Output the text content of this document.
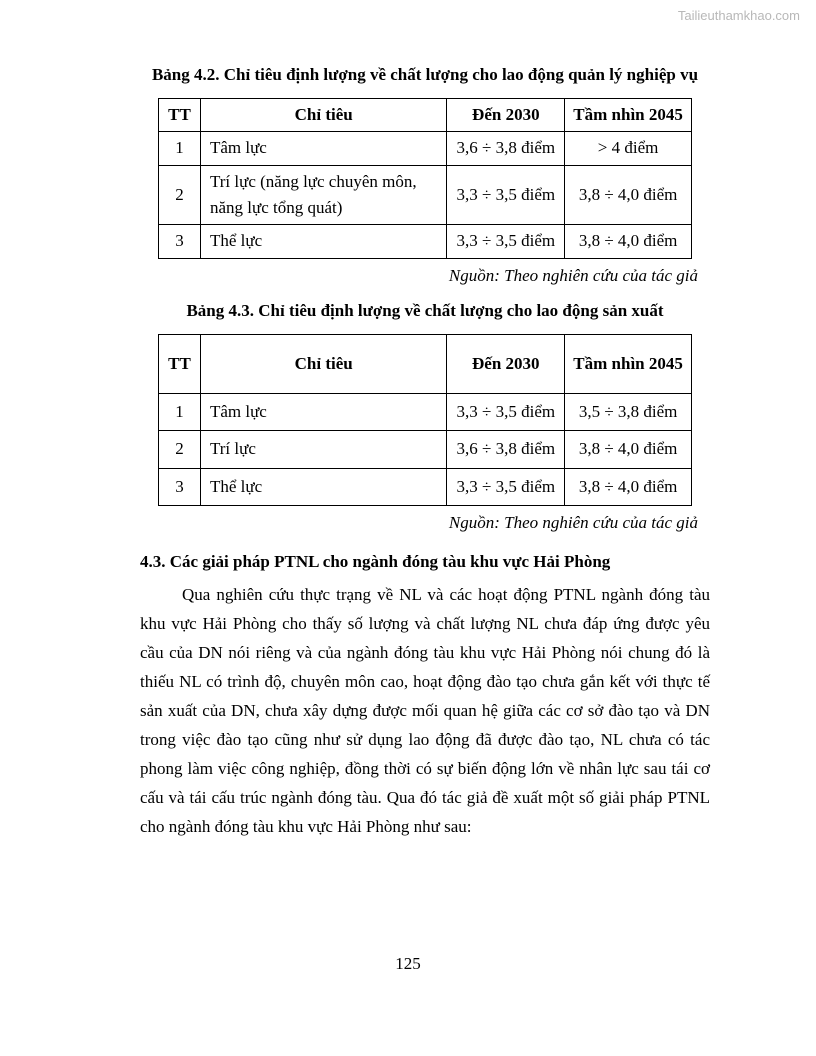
Tailieuthamkhao.com

Bảng 4.2. Chỉ tiêu định lượng về chất lượng cho lao động quản lý nghiệp vụ

TT	Chỉ tiêu	Đến 2030	Tầm nhìn 2045
1	Tâm lực	3,6 ÷ 3,8 điểm	> 4 điểm
2	Trí lực (năng lực chuyên môn, năng lực tổng quát)	3,3 ÷ 3,5 điểm	3,8 ÷ 4,0 điểm
3	Thể lực	3,3 ÷ 3,5 điểm	3,8 ÷ 4,0 điểm

Nguồn: Theo nghiên cứu của tác giả

Bảng 4.3. Chỉ tiêu định lượng về chất lượng cho lao động sản xuất

TT	Chỉ tiêu	Đến 2030	Tầm nhìn 2045
1	Tâm lực	3,3 ÷ 3,5 điểm	3,5 ÷ 3,8 điểm
2	Trí lực	3,6 ÷ 3,8 điểm	3,8 ÷ 4,0 điểm
3	Thể lực	3,3 ÷ 3,5 điểm	3,8 ÷ 4,0 điểm

Nguồn: Theo nghiên cứu của tác giả

4.3. Các giải pháp PTNL cho ngành đóng tàu khu vực Hải Phòng

Qua nghiên cứu thực trạng về NL và các hoạt động PTNL ngành đóng tàu khu vực Hải Phòng cho thấy số lượng và chất lượng NL chưa đáp ứng được yêu cầu của DN nói riêng và của ngành đóng tàu khu vực Hải Phòng nói chung đó là thiếu NL có trình độ, chuyên môn cao, hoạt động đào tạo chưa gắn kết với thực tế sản xuất của DN, chưa xây dựng được mối quan hệ giữa các cơ sở đào tạo và DN trong việc đào tạo cũng như sử dụng lao động đã được đào tạo, NL chưa có tác phong làm việc công nghiệp, đồng thời có sự biến động lớn về nhân lực sau tái cơ cấu và tái cấu trúc ngành đóng tàu. Qua đó tác giả đề xuất một số giải pháp PTNL cho ngành đóng tàu khu vực Hải Phòng như sau:

125
